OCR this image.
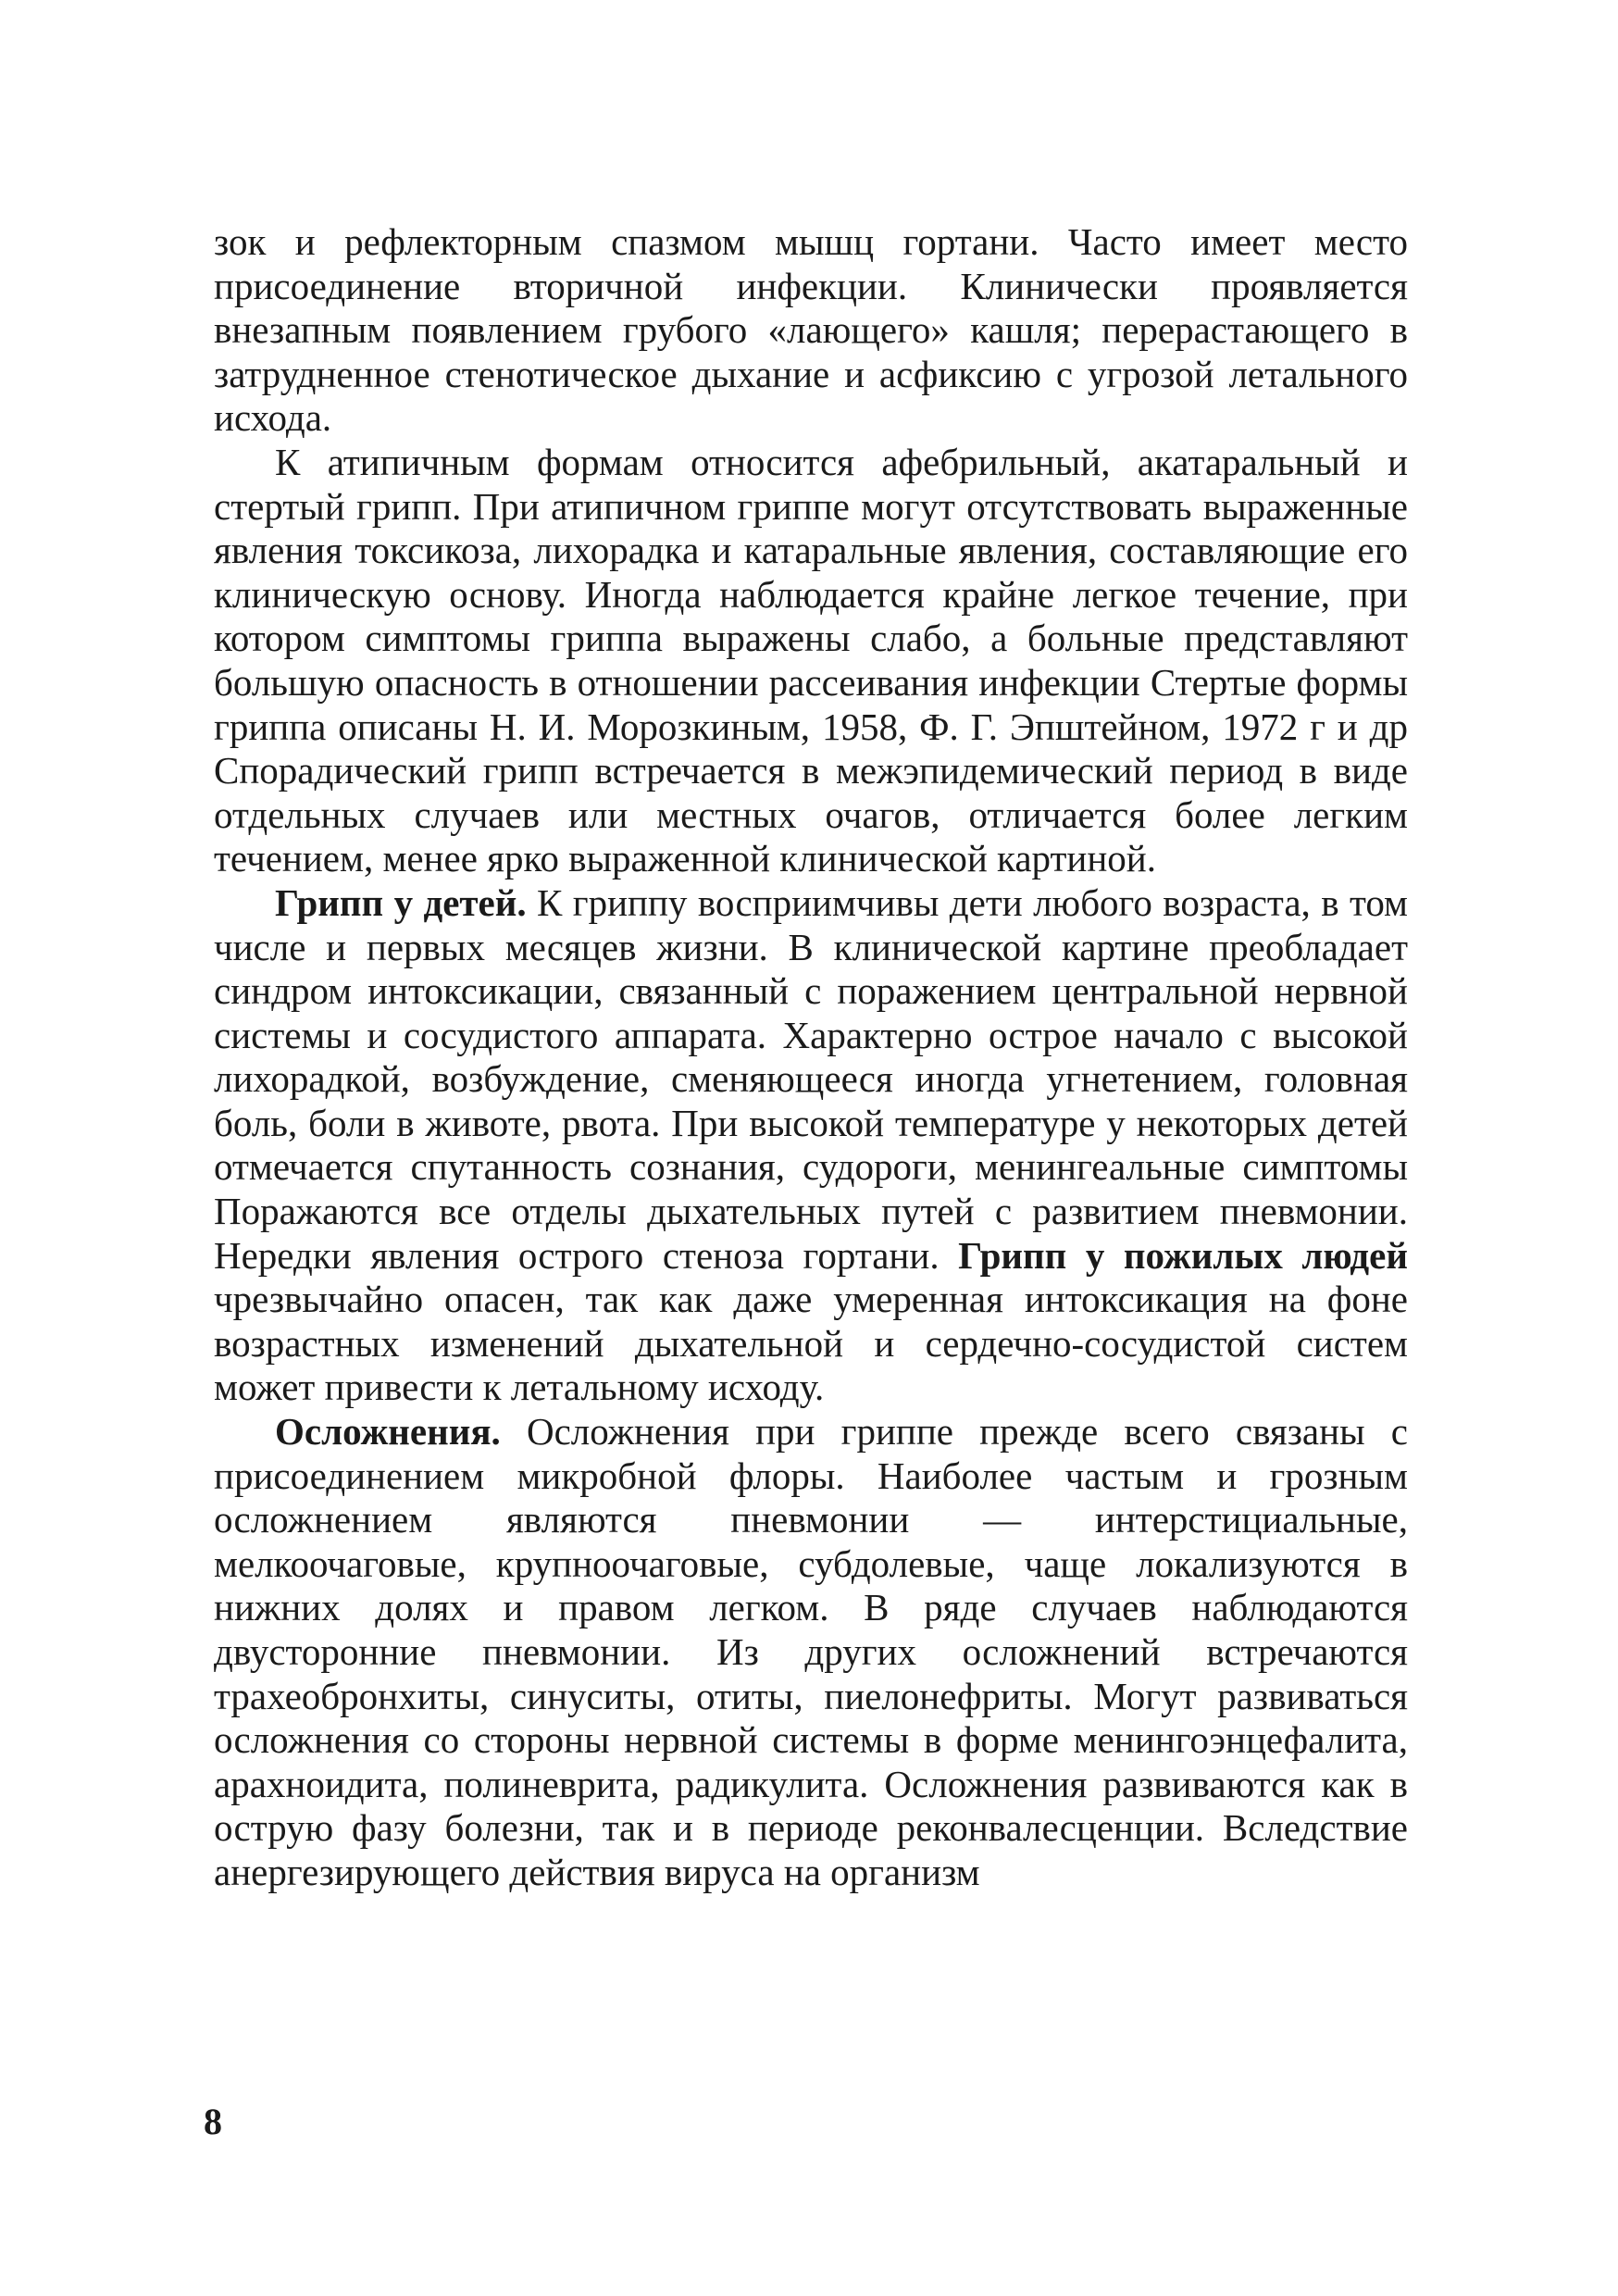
зок и рефлекторным спазмом мышц гортани. Часто имеет место присоединение вторичной инфекции. Клинически проявляется внезапным появлением грубого «лающего» кашля; перерастающего в затрудненное стенотическое дыхание и асфиксию с угрозой летального исхода.

К атипичным формам относится афебрильный, акатаральный и стертый грипп. При атипичном гриппе могут отсутствовать выраженные явления токсикоза, лихорадка и катаральные явления, составляющие его клиническую основу. Иногда наблюдается крайне легкое течение, при котором симптомы гриппа выражены слабо, а больные представляют большую опасность в отношении рассеивания инфекции Стертые формы гриппа описаны Н. И. Морозкиным, 1958, Ф. Г. Эпштейном, 1972 г и др Спорадический грипп встречается в межэпидемический период в виде отдельных случаев или местных очагов, отличается более легким течением, менее ярко выраженной клинической картиной.

Грипп у детей. К гриппу восприимчивы дети любого возраста, в том числе и первых месяцев жизни. В клинической картине преобладает синдром интоксикации, связанный с поражением центральной нервной системы и сосудистого аппарата. Характерно острое начало с высокой лихорадкой, возбуждение, сменяющееся иногда угнетением, головная боль, боли в животе, рвота. При высокой температуре у некоторых детей отмечается спутанность сознания, судороги, менингеальные симптомы Поражаются все отделы дыхательных путей с развитием пневмонии. Нередки явления острого стеноза гортани. Грипп у пожилых людей чрезвычайно опасен, так как даже умеренная интоксикация на фоне возрастных изменений дыхательной и сердечно-сосудистой систем может привести к летальному исходу.

Осложнения. Осложнения при гриппе прежде всего связаны с присоединением микробной флоры. Наиболее частым и грозным осложнением являются пневмонии — интерстициальные, мелкоочаговые, крупноочаговые, субдолевые, чаще локализуются в нижних долях и правом легком. В ряде случаев наблюдаются двусторонние пневмонии. Из других осложнений встречаются трахеобронхиты, синуситы, отиты, пиелонефриты. Могут развиваться осложнения со стороны нервной системы в форме менингоэнцефалита, арахноидита, полиневрита, радикулита. Осложнения развиваются как в острую фазу болезни, так и в периоде реконвалесценции. Вследствие анергезирующего действия вируса на организм

8
